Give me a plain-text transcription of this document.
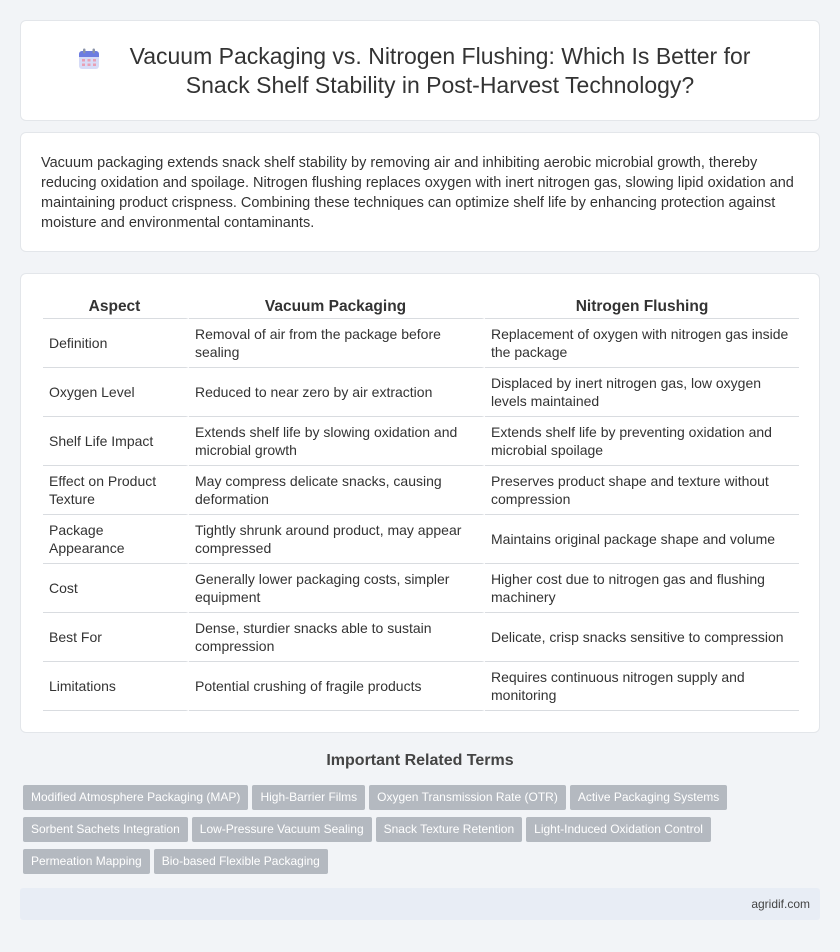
Vacuum Packaging vs. Nitrogen Flushing: Which Is Better for Snack Shelf Stability in Post-Harvest Technology?

Vacuum packaging extends snack shelf stability by removing air and inhibiting aerobic microbial growth, thereby reducing oxidation and spoilage. Nitrogen flushing replaces oxygen with inert nitrogen gas, slowing lipid oxidation and maintaining product crispness. Combining these techniques can optimize shelf life by enhancing protection against moisture and environmental contaminants.

Aspect	Vacuum Packaging	Nitrogen Flushing
Definition	Removal of air from the package before sealing	Replacement of oxygen with nitrogen gas inside the package
Oxygen Level	Reduced to near zero by air extraction	Displaced by inert nitrogen gas, low oxygen levels maintained
Shelf Life Impact	Extends shelf life by slowing oxidation and microbial growth	Extends shelf life by preventing oxidation and microbial spoilage
Effect on Product Texture	May compress delicate snacks, causing deformation	Preserves product shape and texture without compression
Package Appearance	Tightly shrunk around product, may appear compressed	Maintains original package shape and volume
Cost	Generally lower packaging costs, simpler equipment	Higher cost due to nitrogen gas and flushing machinery
Best For	Dense, sturdier snacks able to sustain compression	Delicate, crisp snacks sensitive to compression
Limitations	Potential crushing of fragile products	Requires continuous nitrogen supply and monitoring
Important Related Terms
Modified Atmosphere Packaging (MAP) High-Barrier Films Oxygen Transmission Rate (OTR) Active Packaging Systems
Sorbent Sachets Integration Low-Pressure Vacuum Sealing Snack Texture Retention Light-Induced Oxidation Control
Permeation Mapping Bio-based Flexible Packaging
agridif.com
